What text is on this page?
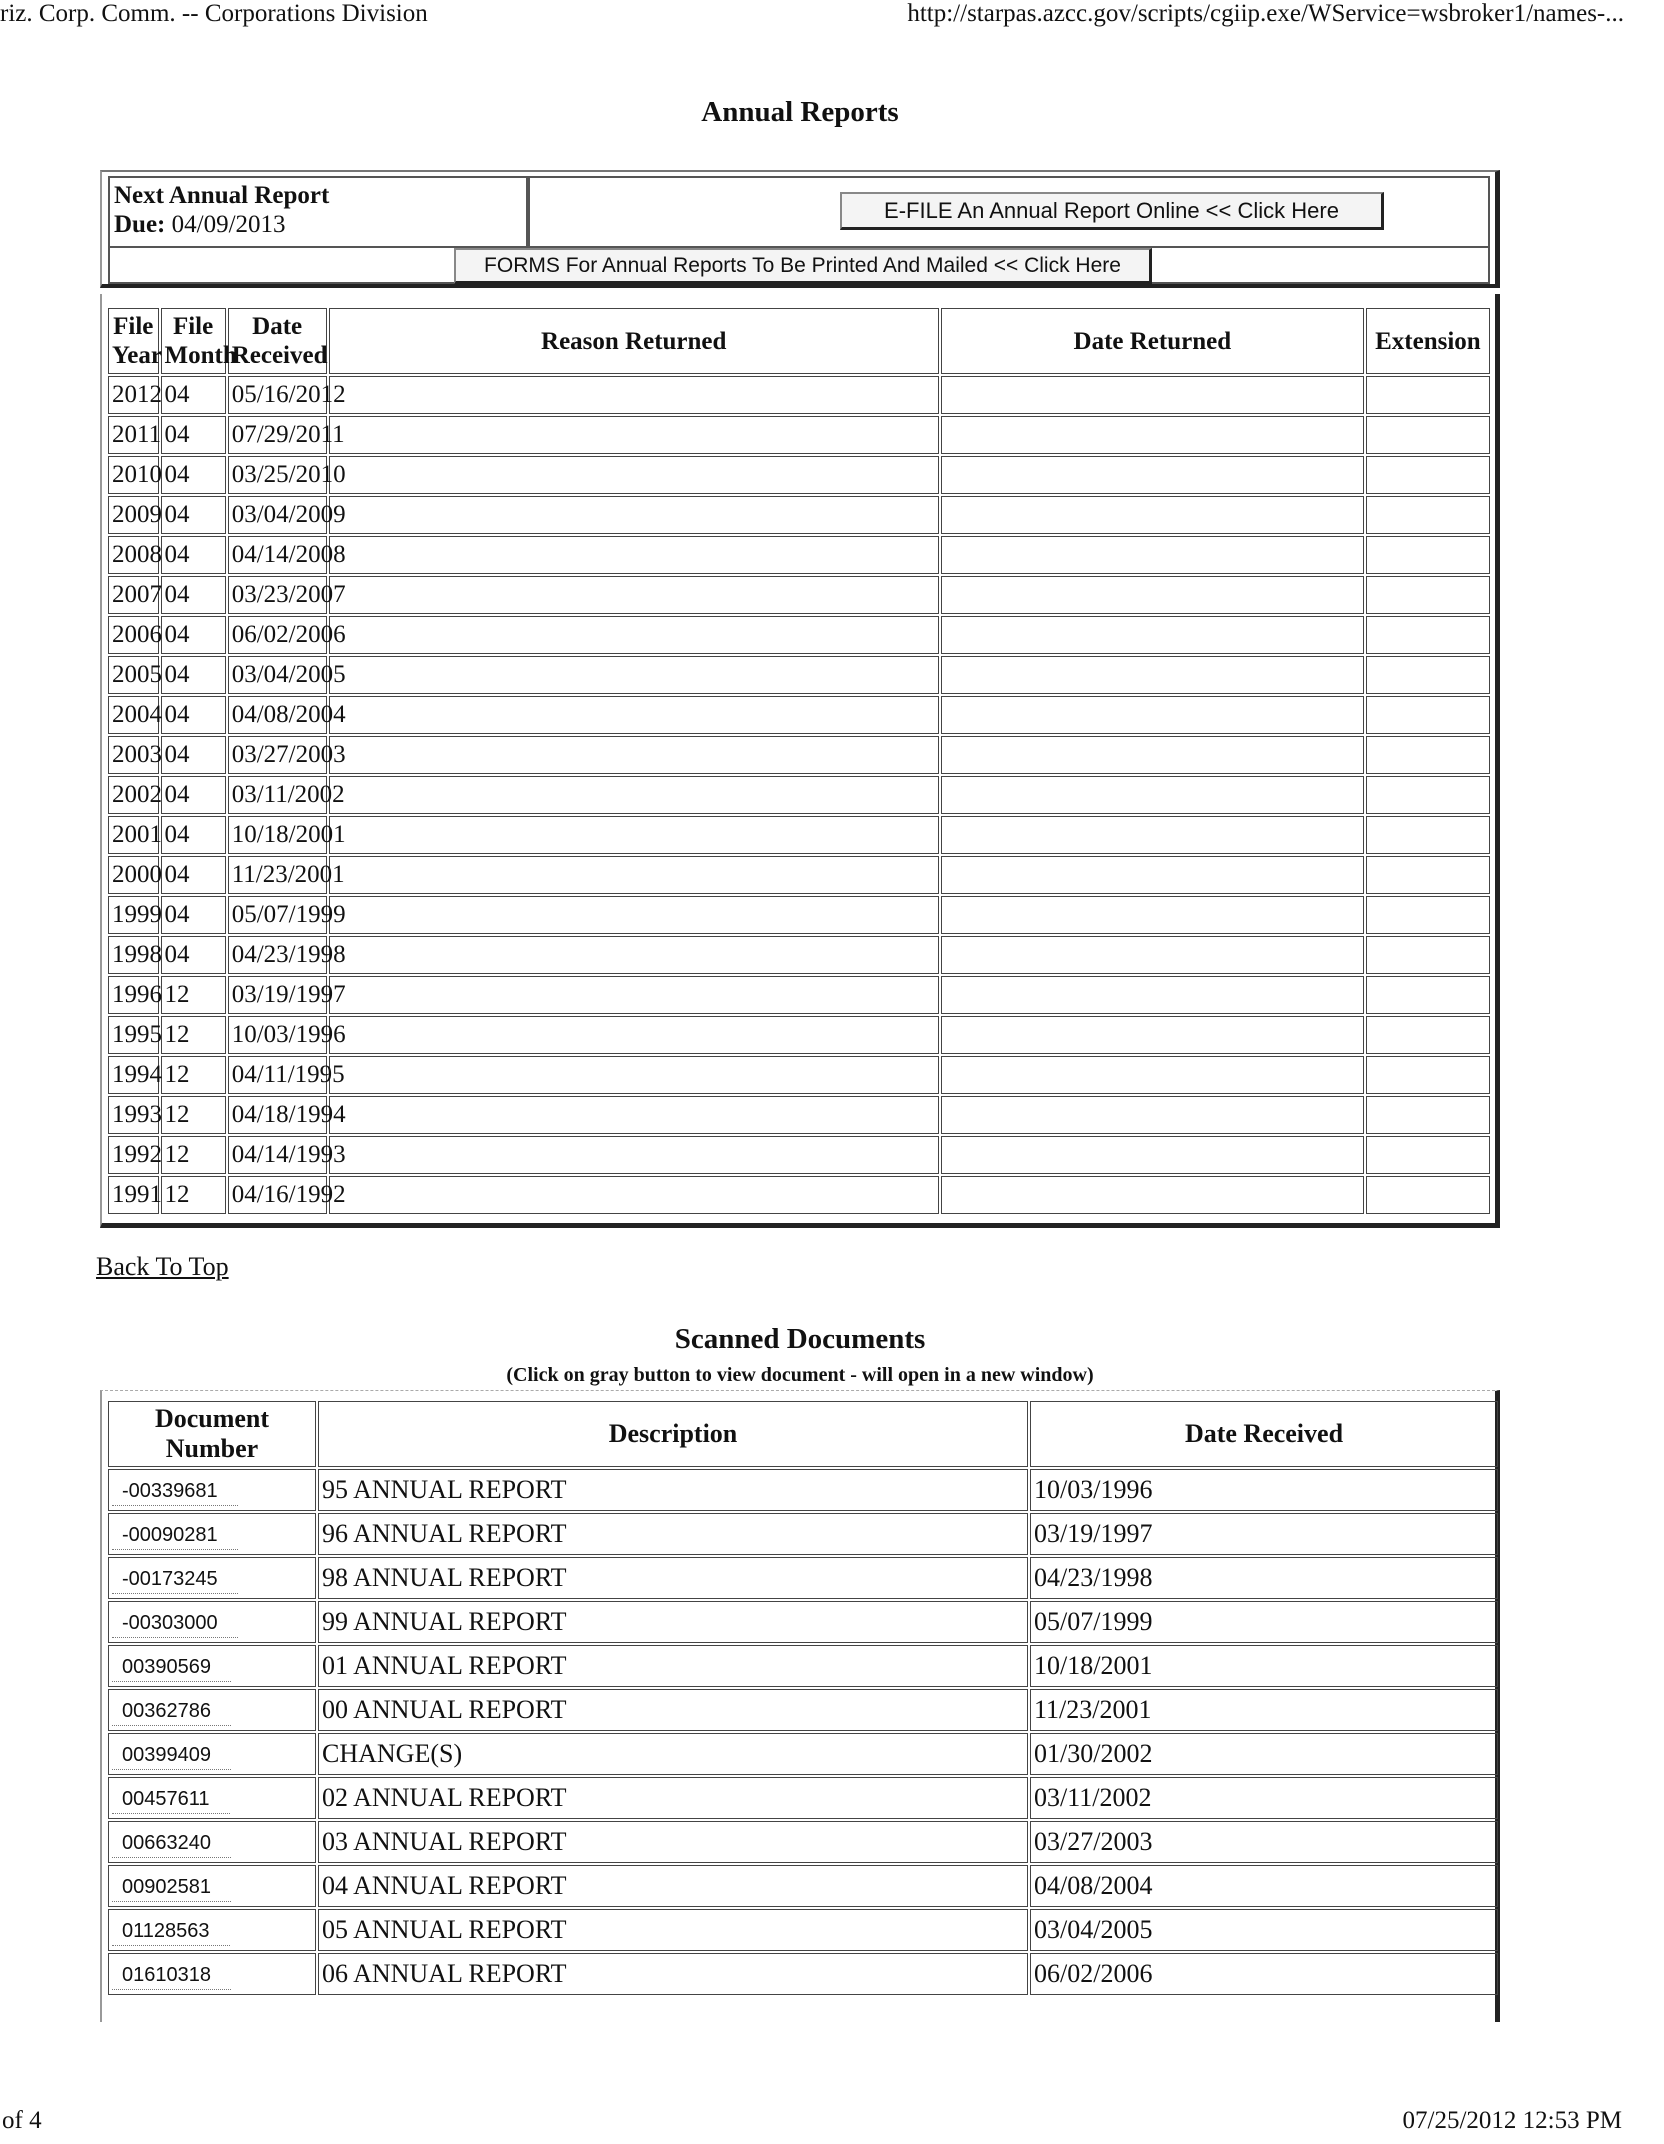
riz. Corp. Comm. -- Corporations Division	http://starpas.azcc.gov/scripts/cgiip.exe/WService=wsbroker1/names-...
Annual Reports
Next Annual Report
Due: 04/09/2013
E-FILE An Annual Report Online << Click Here
FORMS For Annual Reports To Be Printed And Mailed << Click Here
File Year	File Month	Date Received	Reason Returned	Date Returned	Extension
2012	04	05/16/2012			
2011	04	07/29/2011			
2010	04	03/25/2010			
2009	04	03/04/2009			
2008	04	04/14/2008			
2007	04	03/23/2007			
2006	04	06/02/2006			
2005	04	03/04/2005			
2004	04	04/08/2004			
2003	04	03/27/2003			
2002	04	03/11/2002			
2001	04	10/18/2001			
2000	04	11/23/2001			
1999	04	05/07/1999			
1998	04	04/23/1998			
1996	12	03/19/1997			
1995	12	10/03/1996			
1994	12	04/11/1995			
1993	12	04/18/1994			
1992	12	04/14/1993			
1991	12	04/16/1992			
Back To Top
Scanned Documents
(Click on gray button to view document - will open in a new window)
Document Number	Description	Date Received
-00339681	95 ANNUAL REPORT	10/03/1996
-00090281	96 ANNUAL REPORT	03/19/1997
-00173245	98 ANNUAL REPORT	04/23/1998
-00303000	99 ANNUAL REPORT	05/07/1999
00390569	01 ANNUAL REPORT	10/18/2001
00362786	00 ANNUAL REPORT	11/23/2001
00399409	CHANGE(S)	01/30/2002
00457611	02 ANNUAL REPORT	03/11/2002
00663240	03 ANNUAL REPORT	03/27/2003
00902581	04 ANNUAL REPORT	04/08/2004
01128563	05 ANNUAL REPORT	03/04/2005
01610318	06 ANNUAL REPORT	06/02/2006
of 4	07/25/2012 12:53 PM
